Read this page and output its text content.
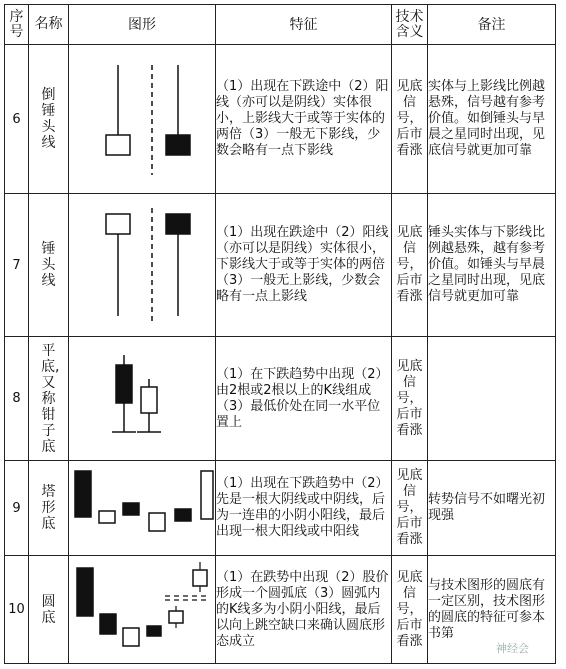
序号	名称	图形	特征	技术含义	备注
6	倒锤头线		（1）出现在下跌途中（2）阳线（亦可以是阴线）实体很小，上影线大于或等于实体的两倍（3）一般无下影线，少数会略有一点下影线	见底信号，后市看涨	实体与上影线比例越悬殊，信号越有参考价值。如倒锤头与早晨之星同时出现，见底信号就更加可靠
7	锤头线		（1）出现在跌途中（2）阳线（亦可以是阴线）实体很小，下影线大于或等于实体的两倍（3）一般无上影线，少数会略有一点上影线	见底信号，后市看涨	锤头实体与下影线比例越悬殊，越有参考价值。如锤头与早晨之星同时出现，见底信号就更加可靠
8	平底,又称钳子底		（1）在下跌趋势中出现（2）由2根或2根以上的K线组成（3）最低价处在同一水平位置上	见底信号，后市看涨	
9	塔形底		（1）出现在下跌趋势中（2）先是一根大阴线或中阴线，后为一连串的小阴小阳线，最后出现一根大阳线或中阳线	见底信号，后市看涨	转势信号不如曙光初现强
10	圆底		（1）在跌势中出现（2）股价形成一个圆弧底（3）圆弧内的K线多为小阴小阳线，最后以向上跳空缺口来确认圆底形态成立	见底信号，后市看涨	与技术图形的圆底有一定区别，技术图形的圆底的特征可参本书第
神经会
